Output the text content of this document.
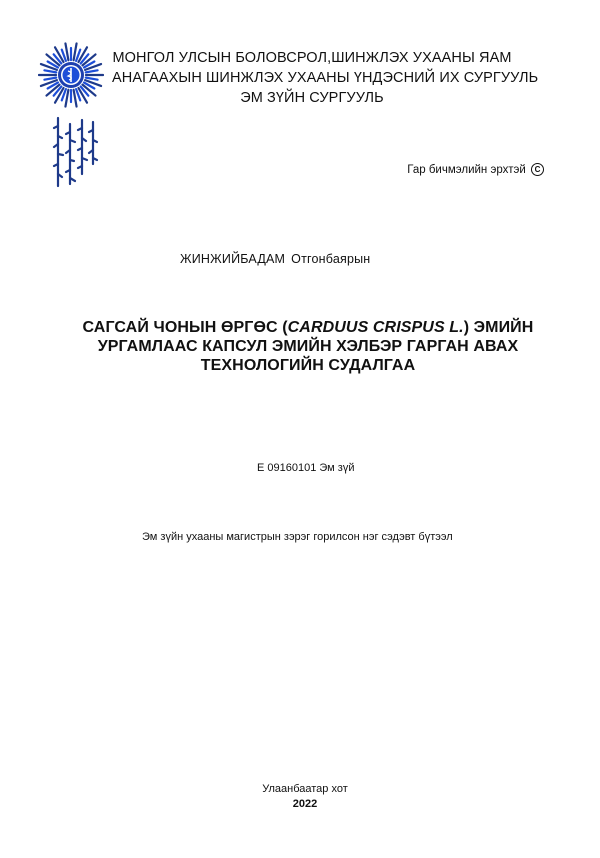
МОНГОЛ УЛСЫН БОЛОВСРОЛ,ШИНЖЛЭХ УХААНЫ ЯАМ
АНАГААХЫН ШИНЖЛЭХ УХААНЫ ҮНДЭСНИЙ ИХ СУРГУУЛЬ
ЭМ ЗҮЙН СУРГУУЛЬ
Гар бичмэлийн эрхтэй C
ЖИНЖИЙБАДАМ Отгонбаярын
САГСАЙ ЧОНЫН ӨРГӨС (CARDUUS CRISPUS L.) ЭМИЙН
УРГАМЛААС КАПСУЛ ЭМИЙН ХЭЛБЭР ГАРГАН АВАХ
ТЕХНОЛОГИЙН СУДАЛГАА
Е 09160101 Эм зүй
Эм зүйн ухааны магистрын зэрэг горилсон нэг сэдэвт бүтээл
Улаанбаатар хот
2022
